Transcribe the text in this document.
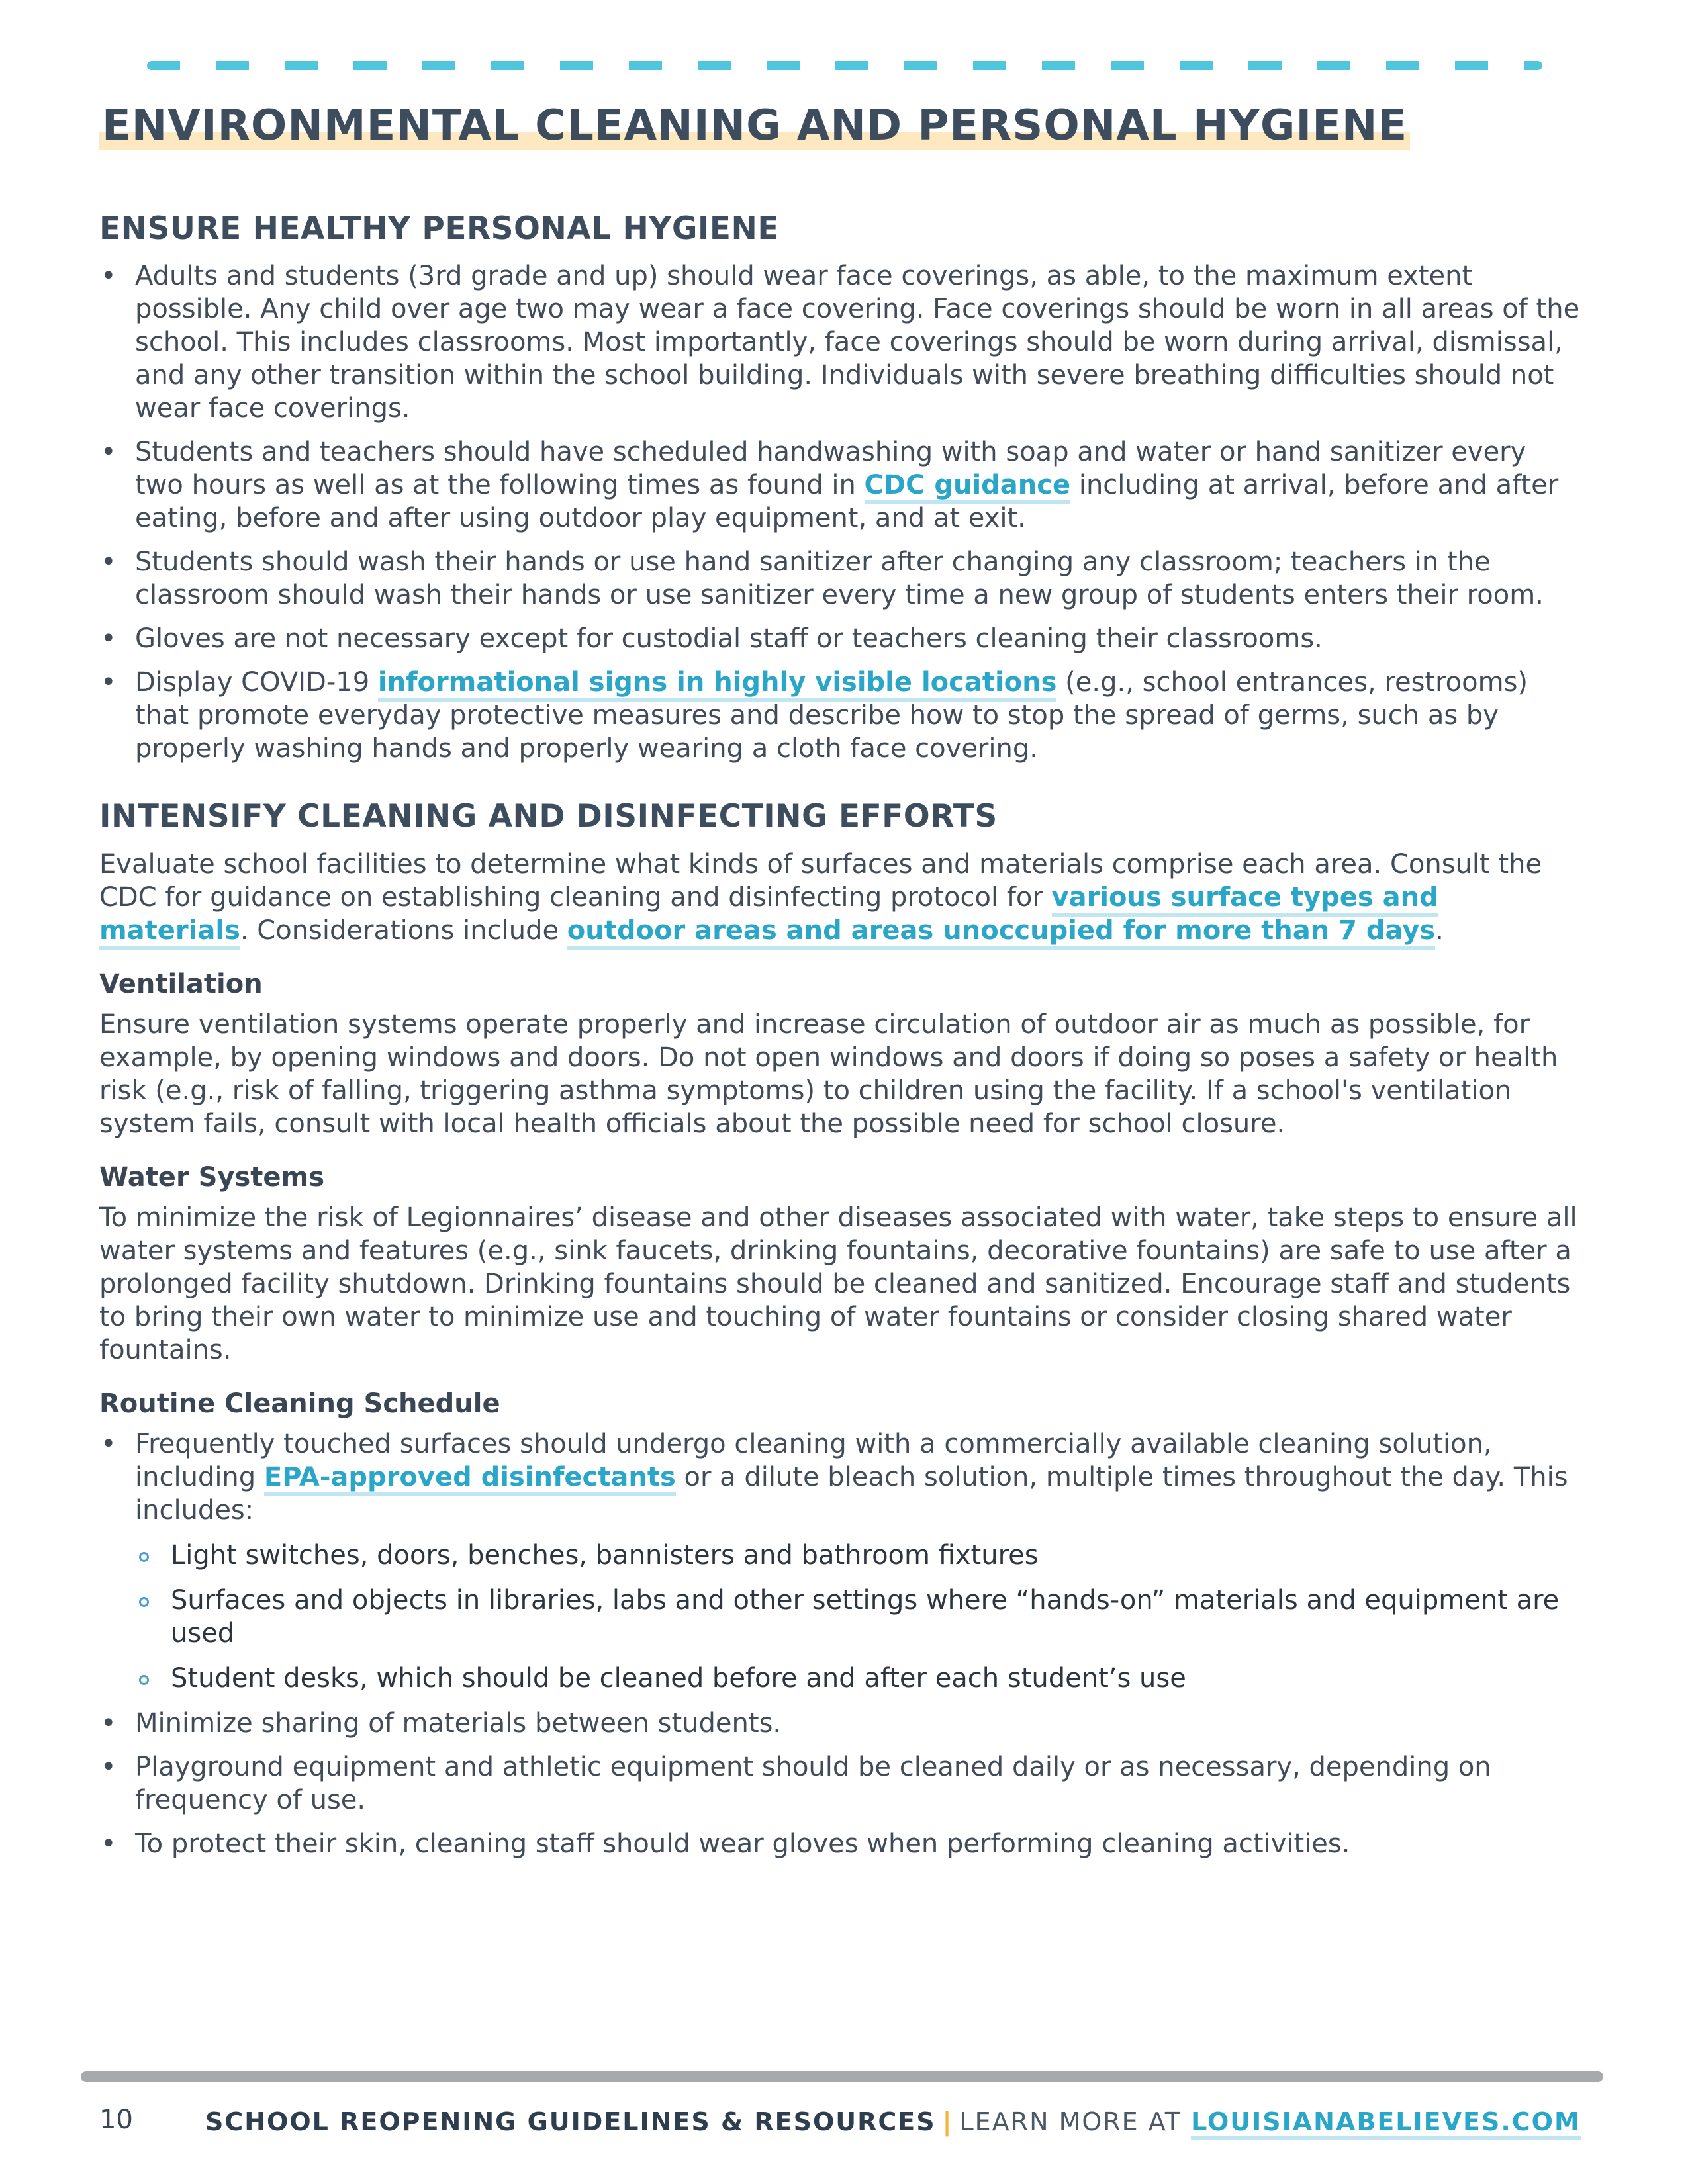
ENVIRONMENTAL CLEANING AND PERSONAL HYGIENE
ENSURE HEALTHY PERSONAL HYGIENE
• Adults and students (3rd grade and up) should wear face coverings, as able, to the maximum extent possible. Any child over age two may wear a face covering. Face coverings should be worn in all areas of the school. This includes classrooms. Most importantly, face coverings should be worn during arrival, dismissal, and any other transition within the school building. Individuals with severe breathing difficulties should not wear face coverings.
• Students and teachers should have scheduled handwashing with soap and water or hand sanitizer every two hours as well as at the following times as found in CDC guidance including at arrival, before and after eating, before and after using outdoor play equipment, and at exit.
• Students should wash their hands or use hand sanitizer after changing any classroom; teachers in the classroom should wash their hands or use sanitizer every time a new group of students enters their room.
• Gloves are not necessary except for custodial staff or teachers cleaning their classrooms.
• Display COVID-19 informational signs in highly visible locations (e.g., school entrances, restrooms) that promote everyday protective measures and describe how to stop the spread of germs, such as by properly washing hands and properly wearing a cloth face covering.
INTENSIFY CLEANING AND DISINFECTING EFFORTS

Evaluate school facilities to determine what kinds of surfaces and materials comprise each area. Consult the CDC for guidance on establishing cleaning and disinfecting protocol for various surface types and materials. Considerations include outdoor areas and areas unoccupied for more than 7 days.

Ventilation

Ensure ventilation systems operate properly and increase circulation of outdoor air as much as possible, for example, by opening windows and doors. Do not open windows and doors if doing so poses a safety or health risk (e.g., risk of falling, triggering asthma symptoms) to children using the facility. If a school's ventilation system fails, consult with local health officials about the possible need for school closure.

Water Systems

To minimize the risk of Legionnaires’ disease and other diseases associated with water, take steps to ensure all water systems and features (e.g., sink faucets, drinking fountains, decorative fountains) are safe to use after a prolonged facility shutdown. Drinking fountains should be cleaned and sanitized. Encourage staff and students to bring their own water to minimize use and touching of water fountains or consider closing shared water fountains.

Routine Cleaning Schedule
• Frequently touched surfaces should undergo cleaning with a commercially available cleaning solution, including EPA-approved disinfectants or a dilute bleach solution, multiple times throughout the day. This includes:
Light switches, doors, benches, bannisters and bathroom fixtures
Surfaces and objects in libraries, labs and other settings where “hands-on” materials and equipment are used
Student desks, which should be cleaned before and after each student’s use
• Minimize sharing of materials between students.
• Playground equipment and athletic equipment should be cleaned daily or as necessary, depending on frequency of use.
• To protect their skin, cleaning staff should wear gloves when performing cleaning activities.
10	SCHOOL REOPENING GUIDELINES & RESOURCES | LEARN MORE AT LOUISIANABELIEVES.COM
